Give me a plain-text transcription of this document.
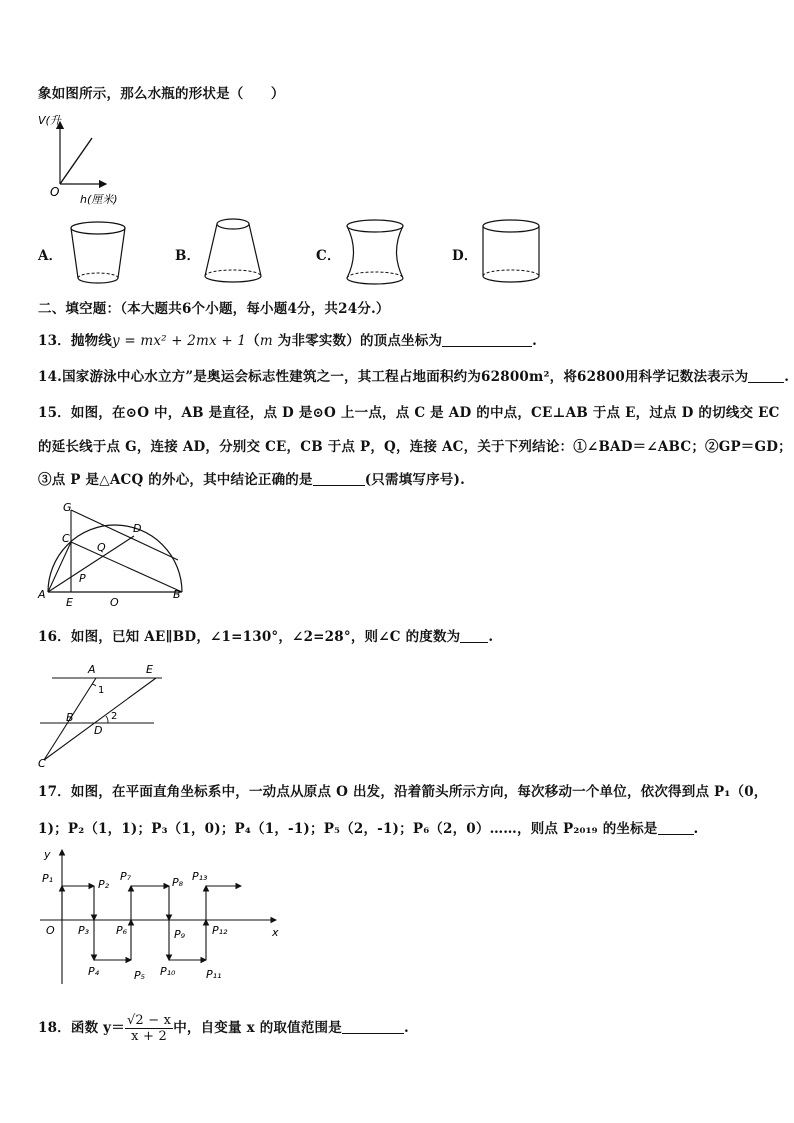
象如图所示，那么水瓶的形状是（　　）
V(升
O
h(厘米)
A．	B．	C．	D．
二、填空题：（本大题共6个小题，每小题4分，共24分.）
13．抛物线y = mx² + 2mx + 1（m 为非零实数）的顶点坐标为	.
14.国家游泳中心水立方”是奥运会标志性建筑之一，其工程占地面积约为62800m²，将62800用科学记数法表示为	.
15．如图，在⊙O 中，AB 是直径，点 D 是⊙O 上一点，点 C 是 AD 的中点，CE⊥AB 于点 E，过点 D 的切线交 EC
的延长线于点 G，连接 AD，分别交 CE，CB 于点 P，Q，连接 AC，关于下列结论：①∠BAD＝∠ABC；②GP＝GD；
③点 P 是△ACQ 的外心，其中结论正确的是	(只需填写序号).
G
C
D
Q
P
A
E	O
B
16．如图，已知 AE∥BD，∠1=130°，∠2=28°，则∠C 的度数为 .
A	E
1
B	2
D
C
17．如图，在平面直角坐标系中，一动点从原点 O 出发，沿着箭头所示方向，每次移动一个单位，依次得到点 P₁（0，
1)；P₂（1，1)；P₃（1，0)；P₄（1，-1)；P₅（2，-1)；P₆（2，0）……，则点 P₂₀₁₉ 的坐标是	.
y
x
O
P₁	P₂
P₇	P₈ P₁₃
P₃ P₆	P₉ P₁₂
P₄	P₅ P₁₀	P₁₁
18．函数 $y= \frac{√2 - x}{x + 2}$ 中，自变量 x 的取值范围是	.
